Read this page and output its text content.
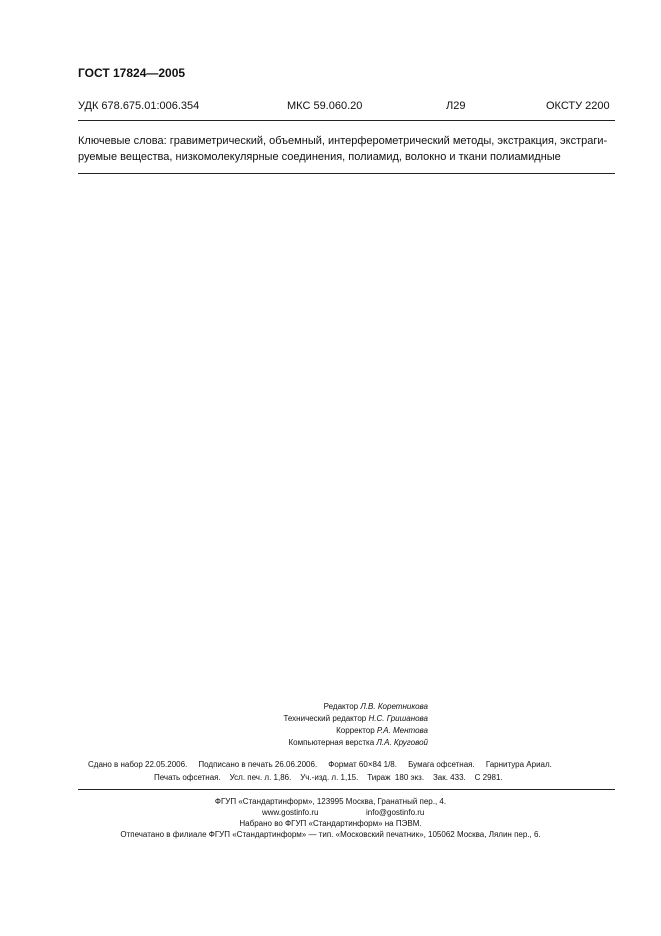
ГОСТ 17824—2005
УДК 678.675.01:006.354	МКС 59.060.20	Л29	ОКСТУ 2200
Ключевые слова: гравиметрический, объемный, интерферометрический методы, экстракция, экстраги-
руемые вещества, низкомолекулярные соединения, полиамид, волокно и ткани полиамидные
Редактор Л.В. Коретникова
Технический редактор Н.С. Гришанова
Корректор Р.А. Ментова
Компьютерная верстка Л.А. Круговой
Сдано в набор 22.05.2006.     Подписано в печать 26.06.2006.     Формат 60×84 1/8.     Бумага офсетная.     Гарнитура Ариал.
Печать офсетная.    Усл. печ. л. 1,86.    Уч.-изд. л. 1,15.    Тираж  180 экз.    Зак. 433.    С 2981.
ФГУП «Стандартинформ», 123995 Москва, Гранатный пер., 4.
www.gostinfo.ru	info@gostinfo.ru
Набрано во ФГУП «Стандартинформ» на ПЭВМ.
Отпечатано в филиале ФГУП «Стандартинформ» — тип. «Московский печатник», 105062 Москва, Лялин пер., 6.
